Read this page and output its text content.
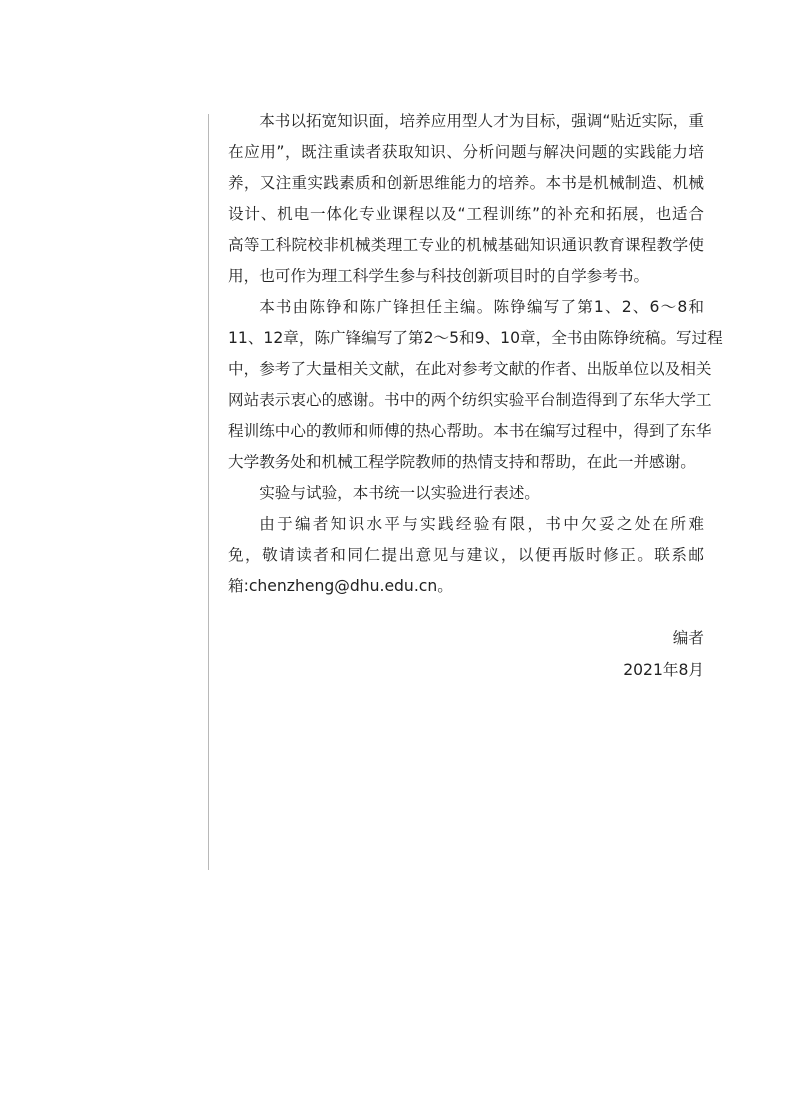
本书以拓宽知识面，培养应用型人才为目标，强调“贴近实际，重
在应用”，既注重读者获取知识、分析问题与解决问题的实践能力培
养，又注重实践素质和创新思维能力的培养。本书是机械制造、机械
设计、机电一体化专业课程以及“工程训练”的补充和拓展，也适合
高等工科院校非机械类理工专业的机械基础知识通识教育课程教学使
用，也可作为理工科学生参与科技创新项目时的自学参考书。

本书由陈铮和陈广锋担任主编。陈铮编写了第1、2、6～8和
11、12章，陈广锋编写了第2～5和9、10章，全书由陈铮统稿。写过程
中，参考了大量相关文献，在此对参考文献的作者、出版单位以及相关
网站表示衷心的感谢。书中的两个纺织实验平台制造得到了东华大学工
程训练中心的教师和师傅的热心帮助。本书在编写过程中，得到了东华
大学教务处和机械工程学院教师的热情支持和帮助，在此一并感谢。

实验与试验，本书统一以实验进行表述。

由于编者知识水平与实践经验有限，书中欠妥之处在所难
免，敬请读者和同仁提出意见与建议，以便再版时修正。联系邮
箱:chenzheng@dhu.edu.cn。

编者
2021年8月
